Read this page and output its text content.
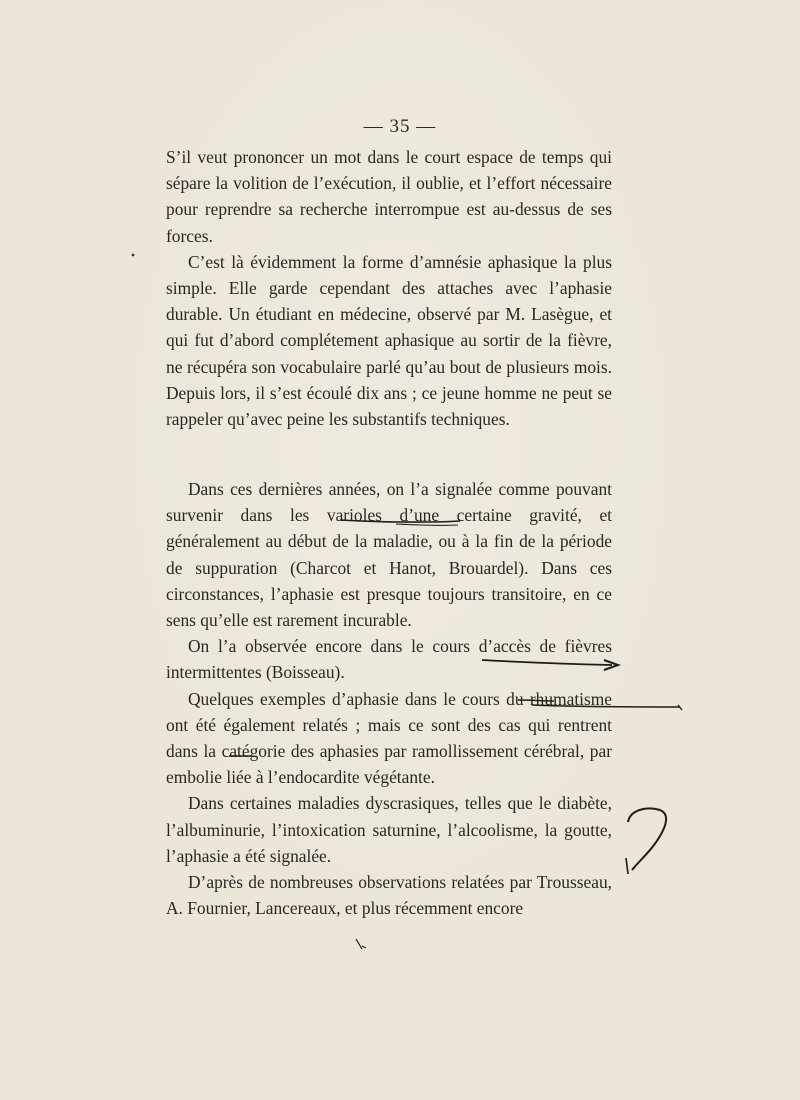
— 35 —

S’il veut prononcer un mot dans le court espace de temps qui sépare la volition de l’exécution, il oublie, et l’effort nécessaire pour reprendre sa recherche interrompue est au-dessus de ses forces.

C’est là évidemment la forme d’amnésie aphasique la plus simple. Elle garde cependant des attaches avec l’aphasie durable. Un étudiant en médecine, observé par M. Lasègue, et qui fut d’abord complétement aphasique au sortir de la fièvre, ne récupéra son vocabulaire parlé qu’au bout de plusieurs mois. Depuis lors, il s’est écoulé dix ans ; ce jeune homme ne peut se rappeler qu’avec peine les substantifs techniques.

Dans ces dernières années, on l’a signalée comme pouvant survenir dans les varioles d’une certaine gravité, et généralement au début de la maladie, ou à la fin de la période de suppuration (Charcot et Hanot, Brouardel). Dans ces circonstances, l’aphasie est presque toujours transitoire, en ce sens qu’elle est rarement incurable.

On l’a observée encore dans le cours d’accès de fièvres intermittentes (Boisseau).

Quelques exemples d’aphasie dans le cours du rhumatisme ont été également relatés ; mais ce sont des cas qui rentrent dans la catégorie des aphasies par ramollissement cérébral, par embolie liée à l’endocardite végétante.

Dans certaines maladies dyscrasiques, telles que le diabète, l’albuminurie, l’intoxication saturnine, l’alcoolisme, la goutte, l’aphasie a été signalée.

D’après de nombreuses observations relatées par Trousseau, A. Fournier, Lancereaux, et plus récemment encore
